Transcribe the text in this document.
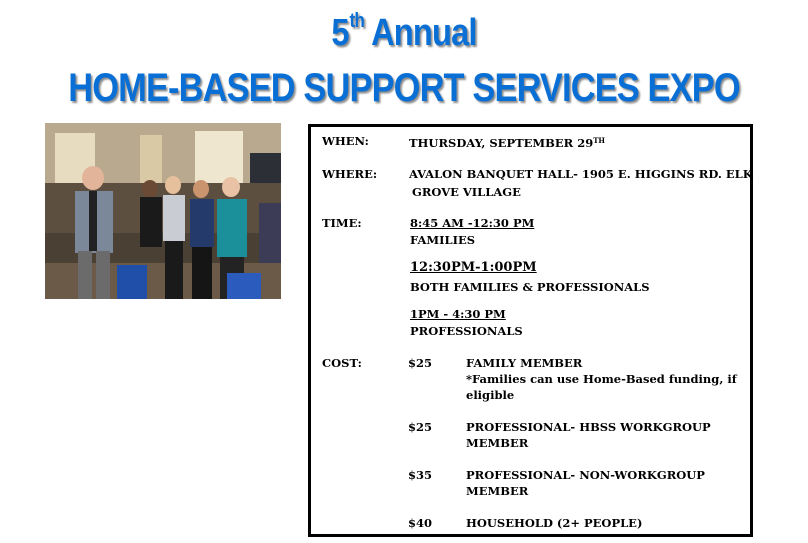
5th Annual
HOME-BASED SUPPORT SERVICES EXPO
WHEN:	THURSDAY, SEPTEMBER 29TH
WHERE:	AVALON BANQUET HALL- 1905 E. HIGGINS RD. ELK
GROVE VILLAGE
TIME:	8:45 AM -12:30 PM
FAMILIES
12:30PM-1:00PM
BOTH FAMILIES & PROFESSIONALS
1PM - 4:30 PM
PROFESSIONALS
COST:	$25	FAMILY MEMBER
*Families can use Home-Based funding, if
eligible
$25	PROFESSIONAL- HBSS WORKGROUP
MEMBER
$35	PROFESSIONAL- NON-WORKGROUP
MEMBER
$40	HOUSEHOLD (2+ PEOPLE)
